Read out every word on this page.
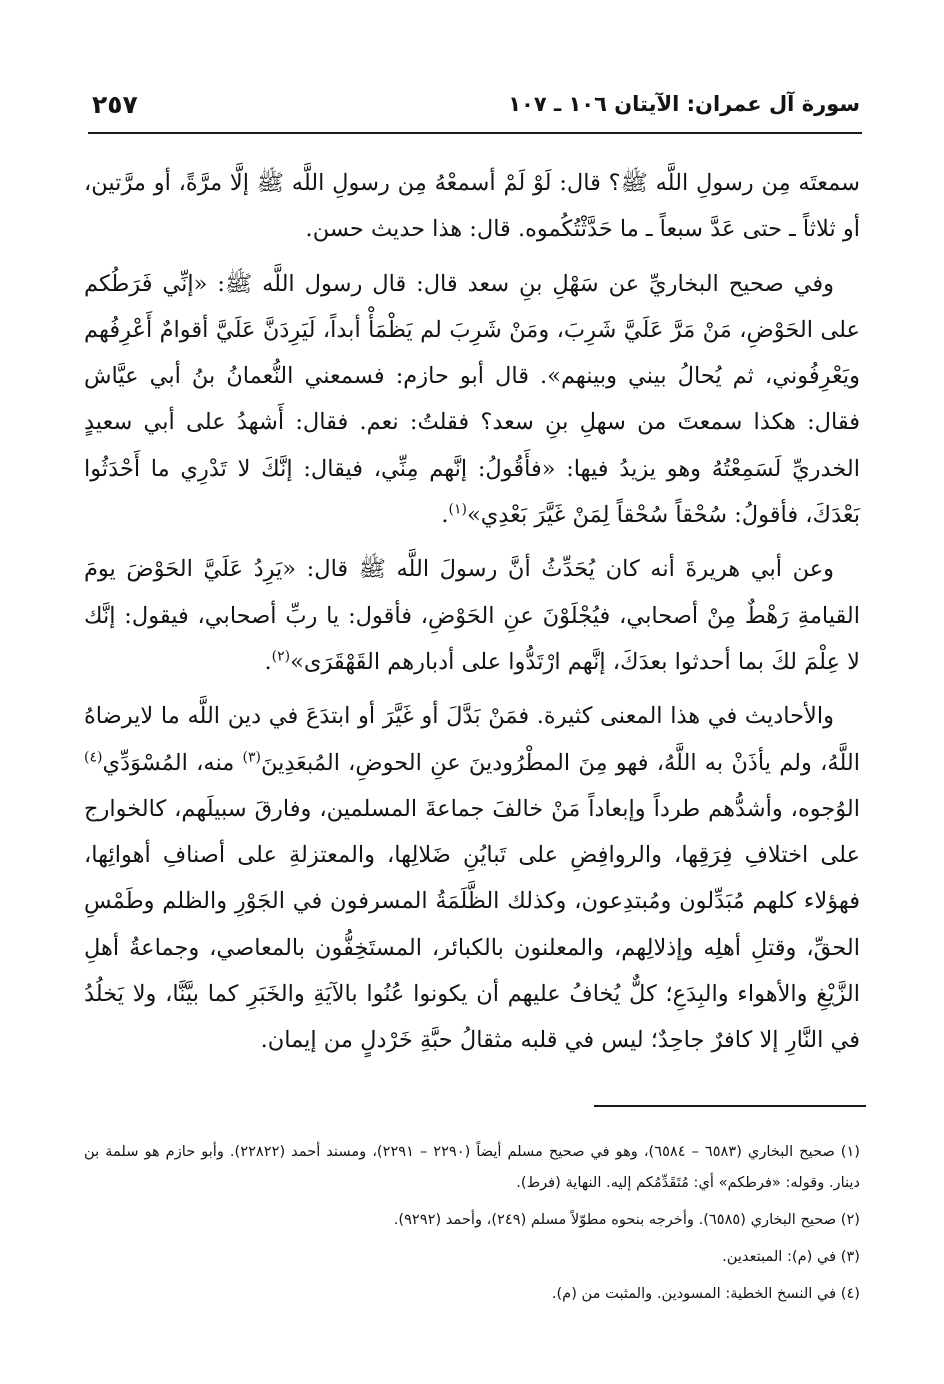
سورة آل عمران: الآيتان ١٠٦ ـ ١٠٧
٢٥٧

سمعتَه مِن رسولِ اللَّه ﷺ؟ قال: لَوْ لَمْ أسمعْهُ مِن رسولِ اللَّه ﷺ إلَّا مرَّةً، أو مرَّتين، أو ثلاثاً ـ حتى عَدَّ سبعاً ـ ما حَدَّثْتُكُموه. قال: هذا حديث حسن.

وفي صحيح البخاريِّ عن سَهْلِ بنِ سعد قال: قال رسول اللَّه ﷺ: «إنِّي فَرَطُكم على الحَوْضِ، مَنْ مَرَّ عَلَيَّ شَرِبَ، ومَنْ شَرِبَ لم يَظْمَأْ أبداً، لَيَرِدَنَّ عَلَيَّ أقوامٌ أَعْرِفُهم ويَعْرِفُوني، ثم يُحالُ بيني وبينهم». قال أبو حازم: فسمعني النُّعمانُ بنُ أبي عيَّاش فقال: هكذا سمعتَ من سهلِ بنِ سعد؟ فقلتُ: نعم. فقال: أَشهدُ على أبي سعيدٍ الخدريِّ لَسَمِعْتُهُ وهو يزيدُ فيها: «فأَقُولُ: إنَّهم مِنِّي، فيقال: إنَّكَ لا تَدْرِي ما أَحْدَثُوا بَعْدَكَ، فأقولُ: سُحْقاً سُحْقاً لِمَنْ غَيَّرَ بَعْدِي»$^{(١)}$.

وعن أبي هريرةَ أنه كان يُحَدِّثُ أنَّ رسولَ اللَّه ﷺ قال: «يَرِدُ عَلَيَّ الحَوْضَ يومَ القيامةِ رَهْطٌ مِنْ أصحابي، فيُجْلَوْنَ عنِ الحَوْضِ، فأقول: يا ربِّ أصحابي، فيقول: إنَّك لا عِلْمَ لكَ بما أحدثوا بعدَكَ، إنَّهم ارْتَدُّوا على أدبارهم القَهْقَرَى»$^{(٢)}$.

والأحاديث في هذا المعنى كثيرة. فمَنْ بَدَّلَ أو غَيَّرَ أو ابتدَعَ في دين اللَّه ما لايرضاهُ اللَّهُ، ولم يأذَنْ به اللَّهُ، فهو مِنَ المطْرُودينَ عنِ الحوضِ، المُبعَدِينَ$^{(٣)}$ منه، المُسْوَدِّي$^{(٤)}$ الوُجوه، وأشدُّهم طرداً وإبعاداً مَنْ خالفَ جماعةَ المسلمين، وفارقَ سبيلَهم، كالخوارج على اختلافِ فِرَقِها، والروافِضِ على تَبايُنِ ضَلالِها، والمعتزلةِ على أصنافِ أهوائِها، فهؤلاء كلهم مُبَدِّلون ومُبتدِعون، وكذلك الظَّلَمَةُ المسرفون في الجَوْرِ والظلم وطَمْسِ الحقِّ، وقتلِ أهلِه وإذلالِهم، والمعلنون بالكبائر، المستَخِفُّون بالمعاصي، وجماعةُ أهلِ الزَّيْغِ والأهواء والبِدَعِ؛ كلٌّ يُخافُ عليهم أن يكونوا عُنُوا بالآيَةِ والخَبَرِ كما بيَّنَّا، ولا يَخلُدُ في النَّارِ إلا كافرٌ جاحِدٌ؛ ليس في قلبه مثقالُ حبَّةِ خَرْدلٍ من إيمان.

(١) صحيح البخاري (٦٥٨٣ – ٦٥٨٤)، وهو في صحيح مسلم أيضاً (٢٢٩٠ – ٢٢٩١)، ومسند أحمد (٢٢٨٢٢). وأبو حازم هو سلمة بن دينار. وقوله: «فرطكم» أي: مُتَقَدِّمُكم إليه. النهاية (فرط).

(٢) صحيح البخاري (٦٥٨٥). وأخرجه بنحوه مطوّلاً مسلم (٢٤٩)، وأحمد (٩٢٩٢).

(٣) في (م): المبتعدين.

(٤) في النسخ الخطية: المسودين. والمثبت من (م).
